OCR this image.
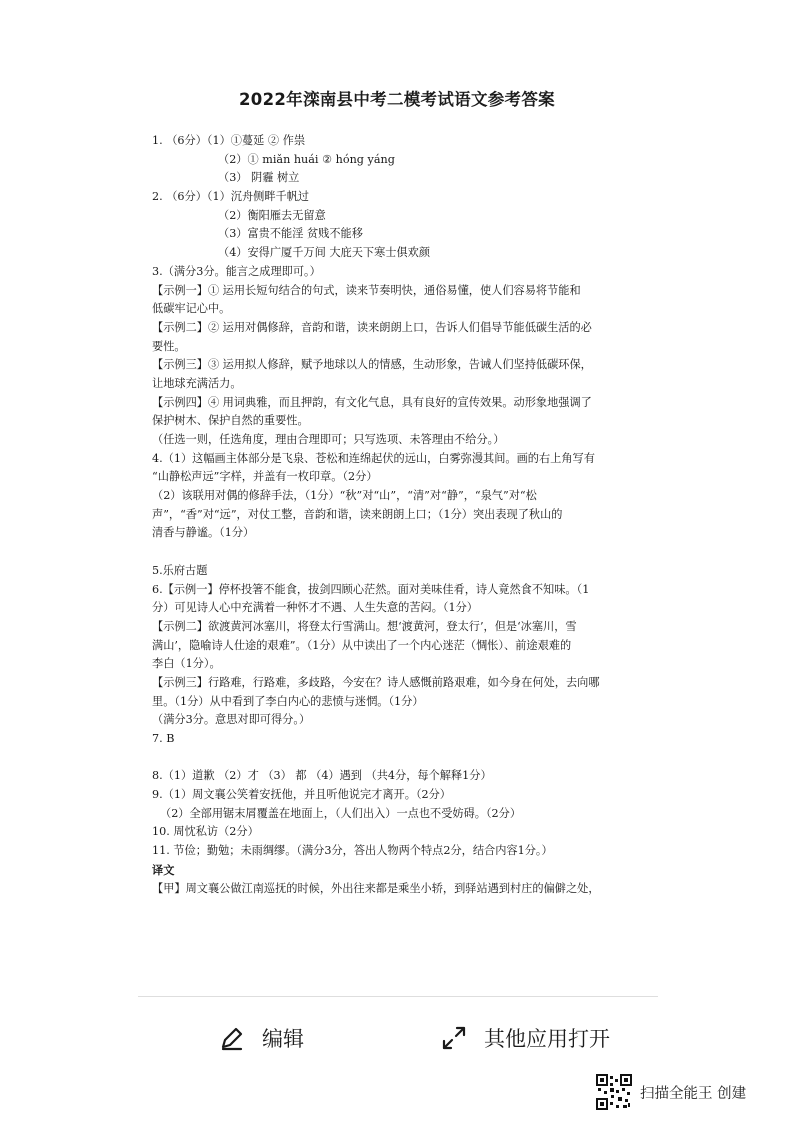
2022年滦南县中考二模考试语文参考答案
1. （6分）（1）①蔓延 ② 作祟
（2）① miǎn huái ② hóng yáng
（3） 阴霾 树立
2. （6分）（1）沉舟侧畔千帆过
（2）衡阳雁去无留意
（3）富贵不能淫 贫贱不能移
（4）安得广厦千万间 大庇天下寒士俱欢颜
3.（满分3分。能言之成理即可。）
【示例一】① 运用长短句结合的句式，读来节奏明快，通俗易懂，使人们容易将节能和
低碳牢记心中。
【示例二】② 运用对偶修辞，音韵和谐，读来朗朗上口，告诉人们倡导节能低碳生活的必
要性。
【示例三】③ 运用拟人修辞，赋予地球以人的情感，生动形象，告诫人们坚持低碳环保，
让地球充满活力。
【示例四】④ 用词典雅，而且押韵，有文化气息，具有良好的宣传效果。动形象地强调了
保护树木、保护自然的重要性。
（任选一则，任选角度，理由合理即可；只写选项、未答理由不给分。）
4.（1）这幅画主体部分是飞泉、苍松和连绵起伏的远山，白雾弥漫其间。画的右上角写有
“山静松声远”字样，并盖有一枚印章。（2分）
（2）该联用对偶的修辞手法，（1分）“秋”对“山”，“清”对“静”，“泉气”对“松
声”，“香”对“远”，对仗工整，音韵和谐，读来朗朗上口；（1分）突出表现了秋山的
清香与静谧。（1分）
5.乐府古题
6.【示例一】停杯投箸不能食，拔剑四顾心茫然。面对美味佳肴，诗人竟然食不知味。（1
分）可见诗人心中充满着一种怀才不遇、人生失意的苦闷。（1分）
【示例二】欲渡黄河冰塞川，将登太行雪满山。想‘渡黄河，登太行’，但是‘冰塞川，雪
满山’，隐喻诗人仕途的艰难”。（1分）从中读出了一个内心迷茫（惆怅）、前途艰难的
李白（1分）。
【示例三】行路难，行路难，多歧路，今安在？诗人感慨前路艰难，如今身在何处，去向哪
里。（1分）从中看到了李白内心的悲愤与迷惘。（1分）
（满分3分。意思对即可得分。）
7. B
8.（1）道歉 （2）才 （3） 都 （4）遇到 （共4分，每个解释1分）
9.（1）周文襄公笑着安抚他，并且听他说完才离开。（2分）
（2）全部用锯末屑覆盖在地面上，（人们出入）一点也不受妨碍。（2分）
10. 周忱私访（2分）
11. 节俭；勤勉；未雨绸缪。（满分3分，答出人物两个特点2分，结合内容1分。）
译文
【甲】周文襄公做江南巡抚的时候，外出往来都是乘坐小轿，到驿站遇到村庄的偏僻之处，
编辑	其他应用打开
扫描全能王 创建
